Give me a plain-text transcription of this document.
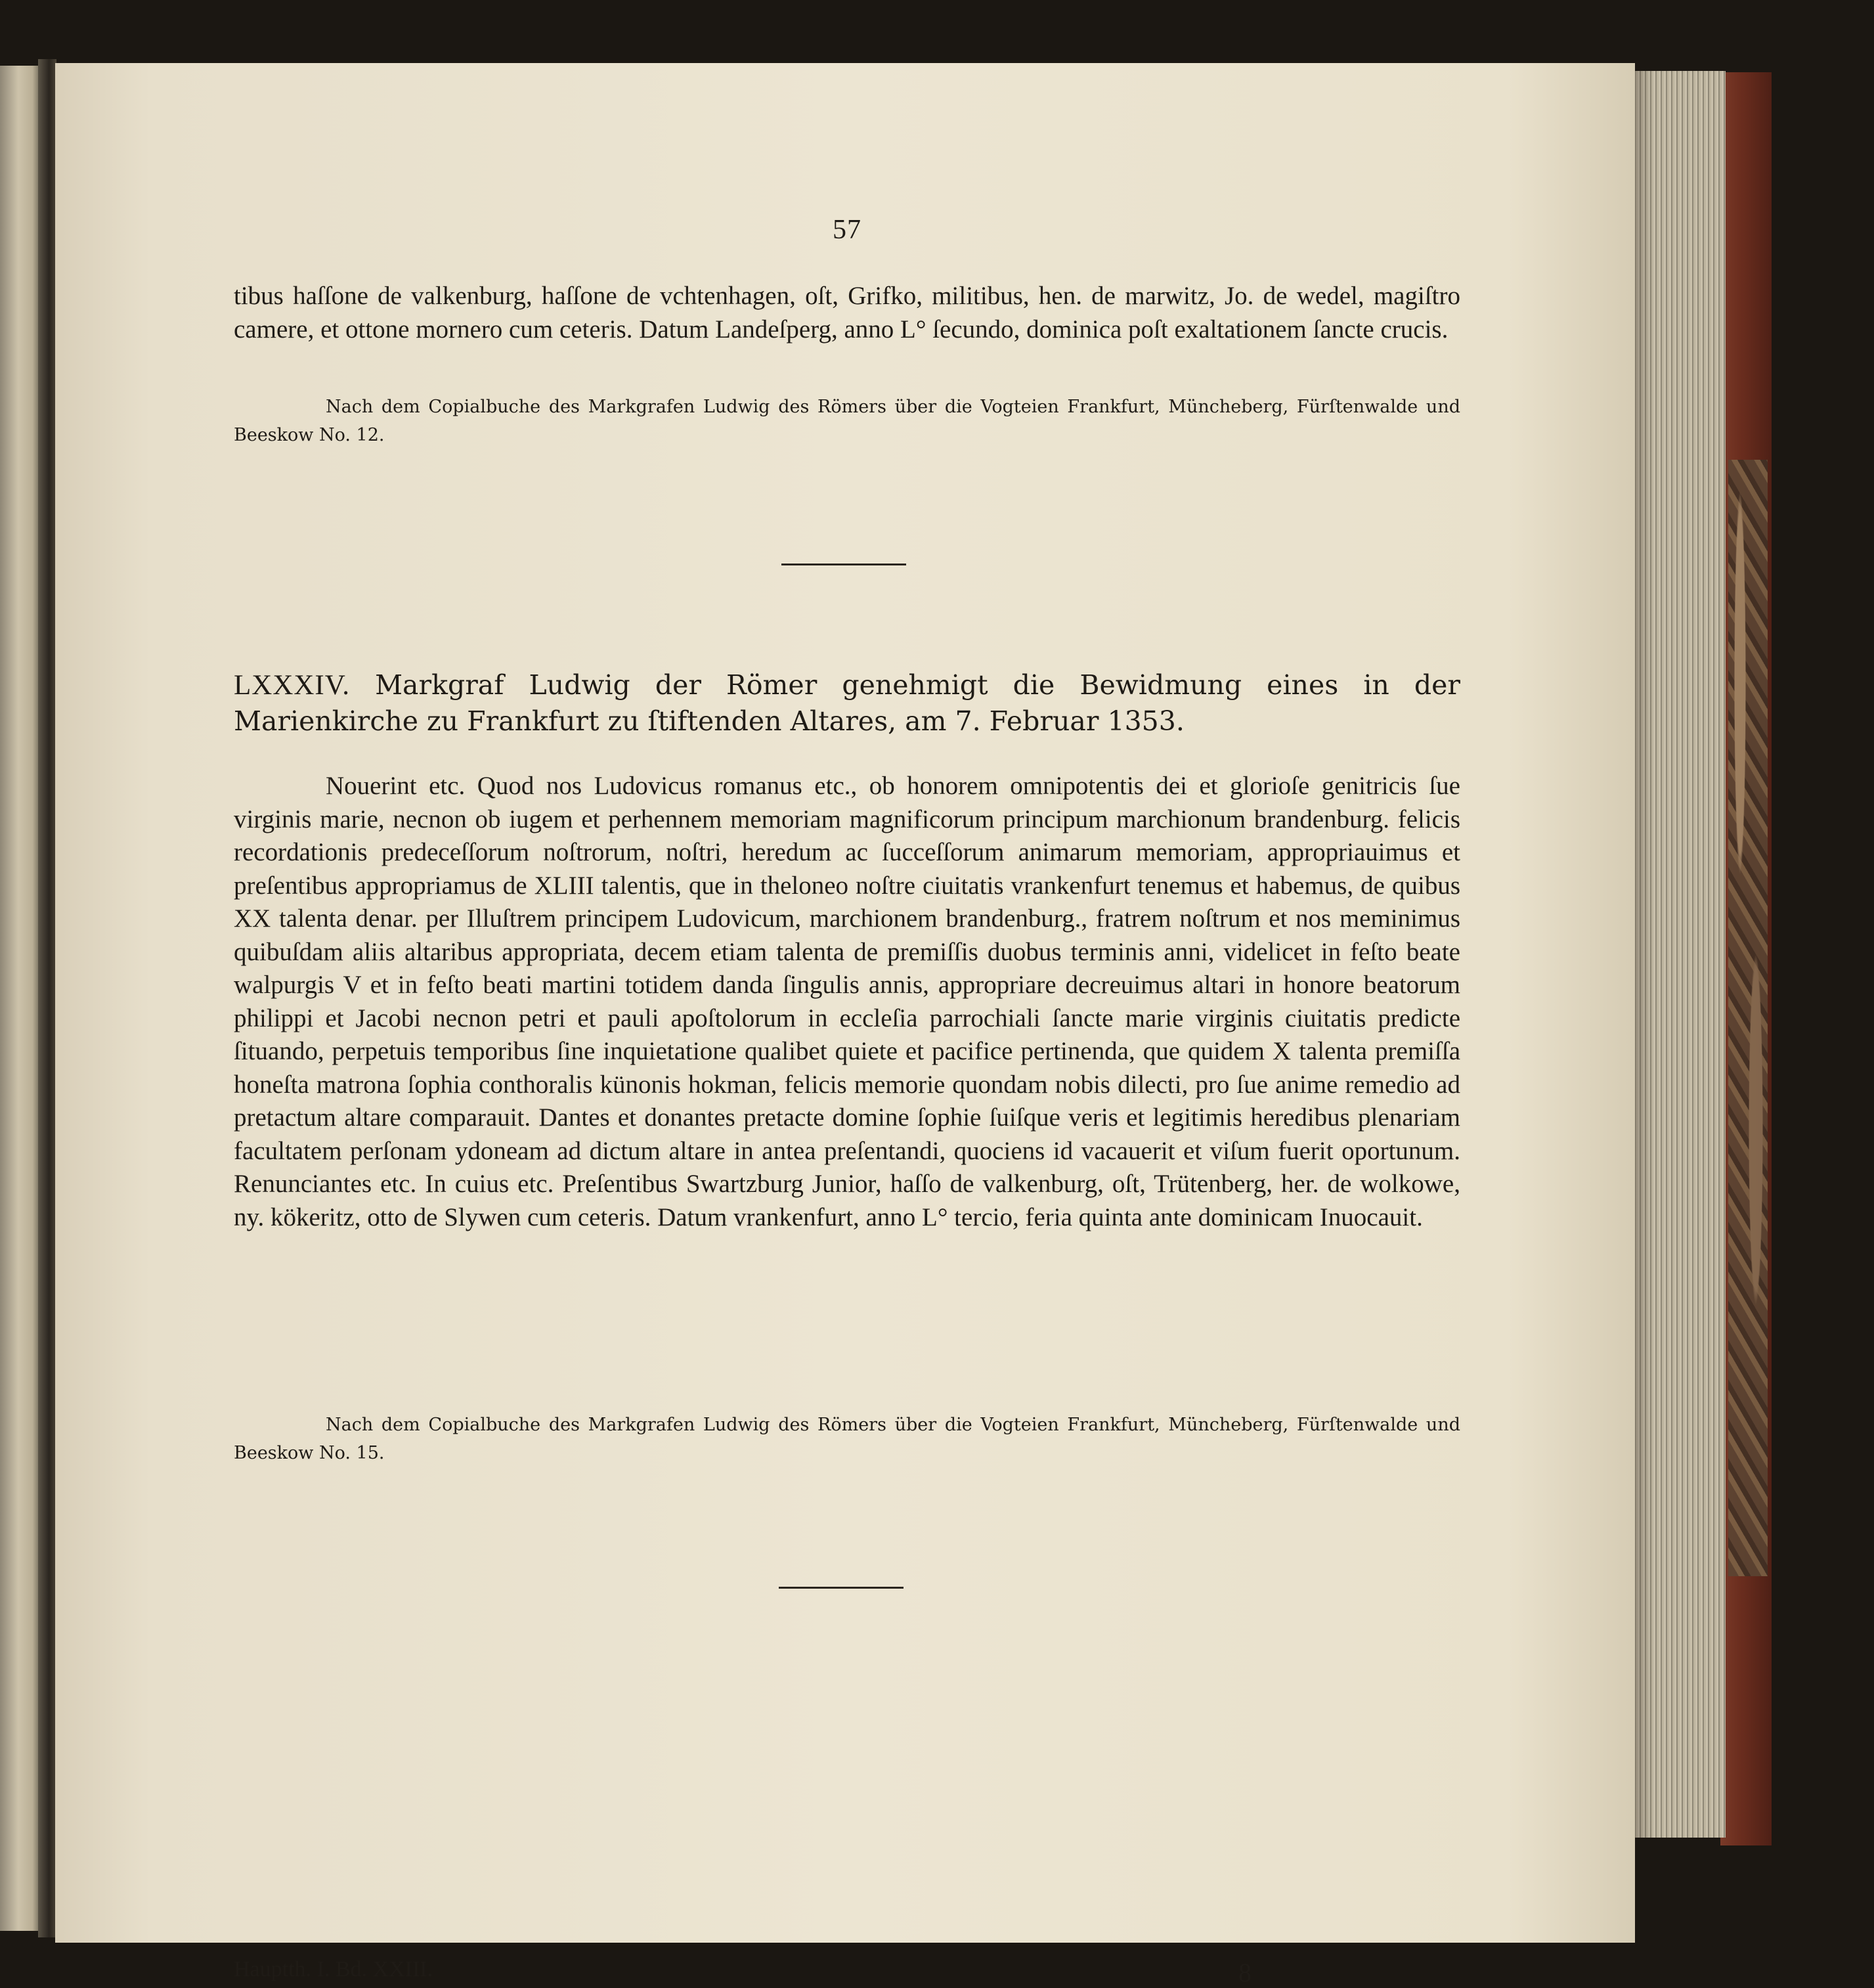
57
tibus haſſone de valkenburg, haſſone de vchtenhagen, oſt, Grifko, militibus, hen. de marwitz, Jo. de wedel, magiſtro camere, et ottone mornero cum ceteris. Datum Landeſperg, anno L° ſecundo, dominica poſt exaltationem ſancte crucis.
Nach dem Copialbuche des Markgrafen Ludwig des Römers über die Vogteien Frankfurt, Müncheberg, Fürſtenwalde und Beeskow No. 12.
LXXXIV. Markgraf Ludwig der Römer genehmigt die Bewidmung eines in der Marienkirche zu Frankfurt zu ſtiftenden Altares, am 7. Februar 1353.
Nouerint etc. Quod nos Ludovicus romanus etc., ob honorem omnipotentis dei et glorioſe genitricis ſue virginis marie, necnon ob iugem et perhennem memoriam magnificorum principum marchionum brandenburg. felicis recordationis predeceſſorum noſtrorum, noſtri, heredum ac ſucceſſorum animarum memoriam, appropriauimus et preſentibus appropriamus de XLIII talentis, que in theloneo noſtre ciuitatis vrankenfurt tenemus et habemus, de quibus XX talenta denar. per Illuſtrem principem Ludovicum, marchionem brandenburg., fratrem noſtrum et nos meminimus quibuſdam aliis altaribus appropriata, decem etiam talenta de premiſſis duobus terminis anni, videlicet in feſto beate walpurgis V et in feſto beati martini totidem danda ſingulis annis, appropriare decreuimus altari in honore beatorum philippi et Jacobi necnon petri et pauli apoſtolorum in eccleſia parrochiali ſancte marie virginis ciuitatis predicte ſituando, perpetuis temporibus ſine inquietatione qualibet quiete et pacifice pertinenda, que quidem X talenta premiſſa honeſta matrona ſophia conthoralis künonis hokman, felicis memorie quondam nobis dilecti, pro ſue anime remedio ad pretactum altare comparauit. Dantes et donantes pretacte domine ſophie ſuiſque veris et legitimis heredibus plenariam facultatem perſonam ydoneam ad dictum altare in antea preſentandi, quociens id vacauerit et viſum fuerit oportunum. Renunciantes etc. In cuius etc. Preſentibus Swartzburg Junior, haſſo de valkenburg, oſt, Trütenberg, her. de wolkowe, ny. kökeritz, otto de Slywen cum ceteris. Datum vrankenfurt, anno L° tercio, feria quinta ante dominicam Inuocauit.
Nach dem Copialbuche des Markgrafen Ludwig des Römers über die Vogteien Frankfurt, Müncheberg, Fürſtenwalde und Beeskow No. 15.
Hauptth. I. Bd. XXIII.	8
